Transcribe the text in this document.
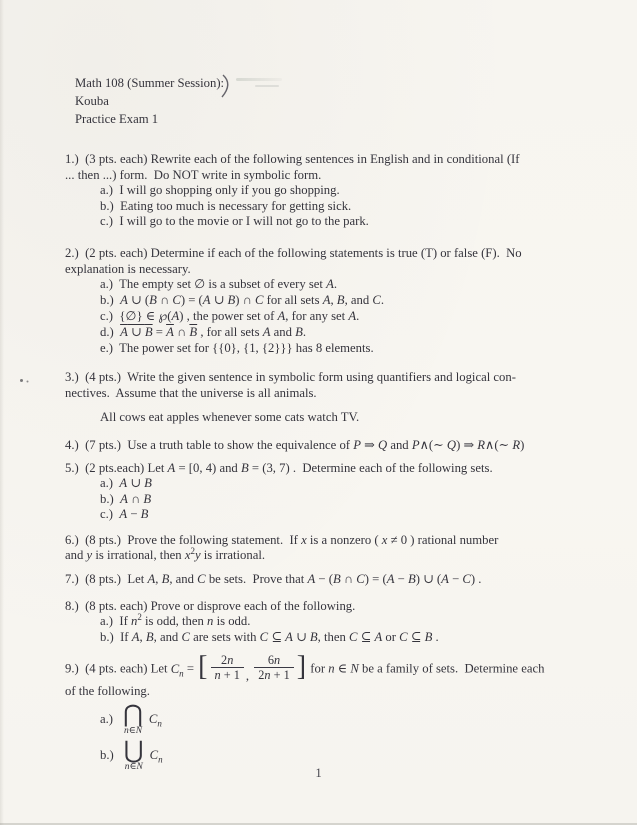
Math 108 (Summer Session):
Kouba
Practice Exam 1
1.)  (3 pts. each) Rewrite each of the following sentences in English and in conditional (If
... then ...) form.  Do NOT write in symbolic form.
a.)  I will go shopping only if you go shopping.
b.)  Eating too much is necessary for getting sick.
c.)  I will go to the movie or I will not go to the park.
2.)  (2 pts. each) Determine if each of the following statements is true (T) or false (F).  No
explanation is necessary.
a.)  The empty set ∅ is a subset of every set A.
b.)  A ∪ (B ∩ C) = (A ∪ B) ∩ C for all sets A, B, and C.
c.)  {∅} ∈ ℘(A) , the power set of A, for any set A.
d.)  A ∪ $B = \overline{A}$ ∩ $\overline{B}$ , for all sets A and B.
e.)  The power set for {{0}, {1, {2}}} has 8 elements.
3.)  (4 pts.)  Write the given sentence in symbolic form using quantifiers and logical con-
nectives.  Assume that the universe is all animals.
All cows eat apples whenever some cats watch TV.
4.)  (7 pts.)  Use a truth table to show the equivalence of P ⇒ Q and P∧(∼ Q) ⇒ R∧(∼ R)
5.)  (2 pts.each) Let A = [0, 4) and B = (3, 7) .  Determine each of the following sets.
a.)  A ∪ B
b.)  A ∩ B
c.)  A − B
6.)  (8 pts.)  Prove the following statement.  If x is a nonzero ( x ≠ 0 ) rational number
and y is irrational, then $x^2y$ is irrational.
7.)  (8 pts.)  Let A, B, and C be sets.  Prove that A − (B ∩ C) = (A − B) ∪ (A − C) .
8.)  (8 pts. each) Prove or disprove each of the following.
a.)  If $n^2$ is odd, then n is odd.
b.)  If A, B, and C are sets with C ⊆ A ∪ B, then C ⊆ A or C ⊆ B .
9.)  (4 pts. each) Let $C_n$ = [ $\frac{2n}{n + 1}$ , $\frac{6n}{2n + 1}$ ] for n ∈ N be a family of sets.  Determine each
of the following.
a.) ⋂
n∈N
$C_n$
b.) ⋃
n∈N
$C_n$
1
